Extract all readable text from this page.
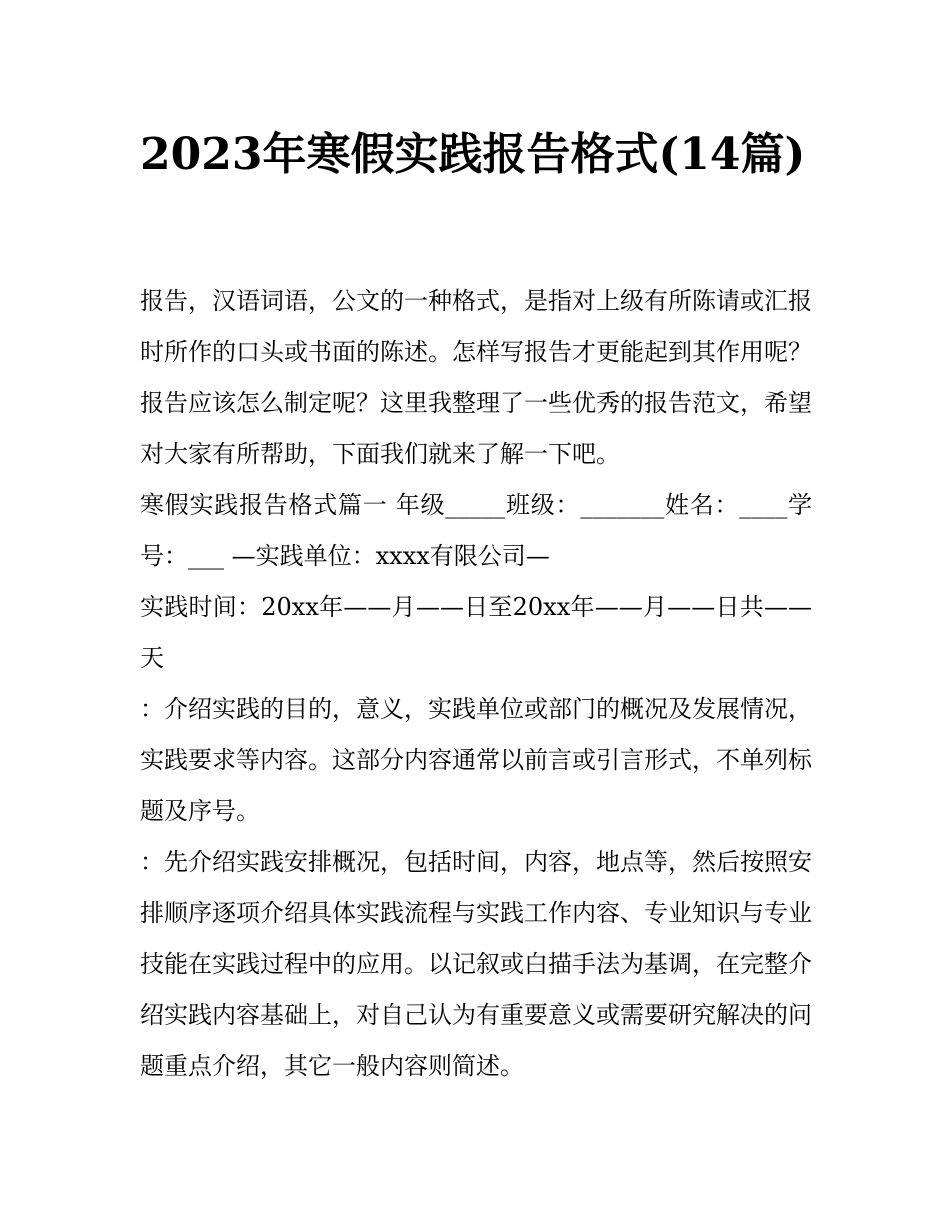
2023年寒假实践报告格式(14篇)

报告，汉语词语，公文的一种格式，是指对上级有所陈请或汇报时所作的口头或书面的陈述。怎样写报告才更能起到其作用呢？报告应该怎么制定呢？这里我整理了一些优秀的报告范文，希望对大家有所帮助，下面我们就来了解一下吧。

寒假实践报告格式篇一 年级_____班级：_______姓名：____学号：___ —实践单位：xxxx有限公司—

实践时间：20xx年——月——日至20xx年——月——日共——天

：介绍实践的目的，意义，实践单位或部门的概况及发展情况，实践要求等内容。这部分内容通常以前言或引言形式，不单列标题及序号。

：先介绍实践安排概况，包括时间，内容，地点等，然后按照安排顺序逐项介绍具体实践流程与实践工作内容、专业知识与专业技能在实践过程中的应用。以记叙或白描手法为基调，在完整介绍实践内容基础上，对自己认为有重要意义或需要研究解决的问题重点介绍，其它一般内容则简述。
